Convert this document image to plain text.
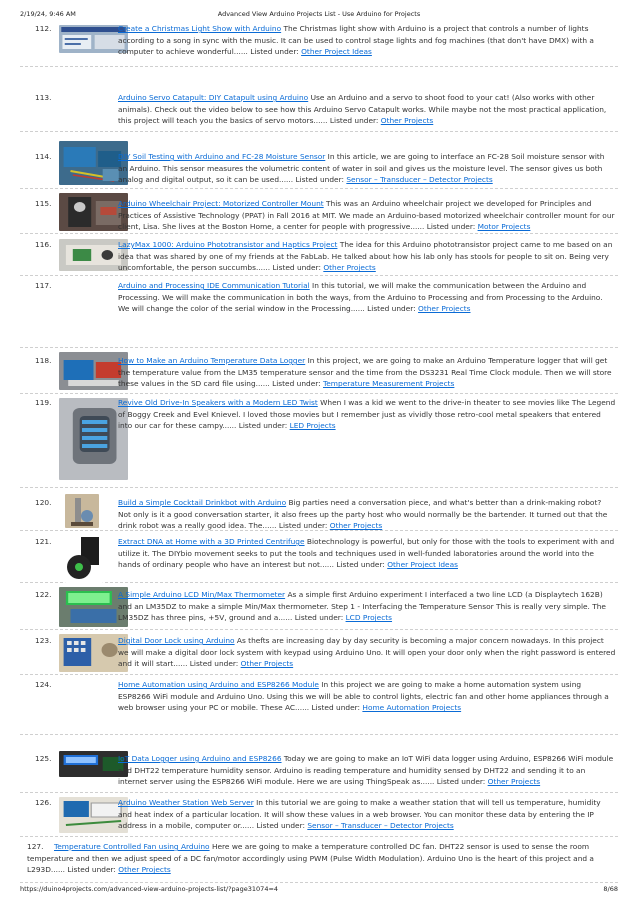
2/19/24, 9:46 AM	Advanced View Arduino Projects List - Use Arduino for Projects
112.	Create a Christmas Light Show with Arduino The Christmas light show with Arduino is a project that controls a number of lights according to a song in sync with the music. It can be used to control stage lights and fog machines (that don't have DMX) with a computer to achieve wonderful...... Listed under: Other Project Ideas
113.	Arduino Servo Catapult: DIY Catapult using Arduino Use an Arduino and a servo to shoot food to your cat! (Also works with other animals). Check out the video below to see how this Arduino Servo Catapult works. While maybe not the most practical application, this project will teach you the basics of servo motors...... Listed under: Other Projects
114.	DIY Soil Testing with Arduino and FC-28 Moisture Sensor In this article, we are going to interface an FC-28 Soil moisture sensor with an Arduino. This sensor measures the volumetric content of water in soil and gives us the moisture level. The sensor gives us both analog and digital output, so it can be used...... Listed under: Sensor – Transducer – Detector Projects
115.	Arduino Wheelchair Project: Motorized Controller Mount This was an Arduino wheelchair project we developed for Principles and Practices of Assistive Technology (PPAT) in Fall 2016 at MIT. We made an Arduino-based motorized wheelchair controller mount for our client, Lisa. She lives at the Boston Home, a center for people with progressive...... Listed under: Motor Projects
116.	LazyMax 1000: Arduino Phototransistor and Haptics Project The idea for this Arduino phototransistor project came to me based on an idea that was shared by one of my friends at the FabLab. He talked about how his lab only has stools for people to sit on. Being very uncomfortable, the person succumbs...... Listed under: Other Projects
117.	Arduino and Processing IDE Communication Tutorial In this tutorial, we will make the communication between the Arduino and Processing. We will make the communication in both the ways, from the Arduino to Processing and from Processing to the Arduino. We will change the color of the serial window in the Processing...... Listed under: Other Projects
118.	How to Make an Arduino Temperature Data Logger In this project, we are going to make an Arduino Temperature logger that will get the temperature value from the LM35 temperature sensor and the time from the DS3231 Real Time Clock module. Then we will store these values in the SD card file using...... Listed under: Temperature Measurement Projects
119.	Revive Old Drive-In Speakers with a Modern LED Twist When I was a kid we went to the drive-in theater to see movies like The Legend of Boggy Creek and Evel Knievel. I loved those movies but I remember just as vividly those retro-cool metal speakers that entered into our car for these campy...... Listed under: LED Projects
120.	Build a Simple Cocktail Drinkbot with Arduino Big parties need a conversation piece, and what's better than a drink-making robot? Not only is it a good conversation starter, it also frees up the party host who would normally be the bartender. It turned out that the drink robot was a really good idea. The...... Listed under: Other Projects
121.	Extract DNA at Home with a 3D Printed Centrifuge Biotechnology is powerful, but only for those with the tools to experiment with and utilize it. The DIYbio movement seeks to put the tools and techniques used in well-funded laboratories around the world into the hands of ordinary people who have an interest but not...... Listed under: Other Project Ideas
122.	A Simple Arduino LCD Min/Max Thermometer As a simple first Arduino experiment I interfaced a two line LCD (a Displaytech 162B) and an LM35DZ to make a simple Min/Max thermometer. Step 1 - Interfacing the Temperature Sensor This is really very simple. The LM35DZ has three pins, +5V, ground and a...... Listed under: LCD Projects
123.	Digital Door Lock using Arduino As thefts are increasing day by day security is becoming a major concern nowadays. In this project we will make a digital door lock system with keypad using Arduino Uno. It will open your door only when the right password is entered and it will start...... Listed under: Other Projects
124.	Home Automation using Arduino and ESP8266 Module In this project we are going to make a home automation system using ESP8266 WiFi module and Arduino Uno. Using this we will be able to control lights, electric fan and other home appliances through a web browser using your PC or mobile. These AC...... Listed under: Home Automation Projects
125.	IoT Data Logger using Arduino and ESP8266 Today we are going to make an IoT WiFi data logger using Arduino, ESP8266 WiFi module and DHT22 temperature humidity sensor. Arduino is reading temperature and humidity sensed by DHT22 and sending it to an internet server using the ESP8266 WiFi module. Here we are using ThingSpeak as...... Listed under: Other Projects
126.	Arduino Weather Station Web Server In this tutorial we are going to make a weather station that will tell us temperature, humidity and heat index of a particular location. It will show these values in a web browser. You can monitor these data by entering the IP address in a mobile, computer or...... Listed under: Sensor – Transducer – Detector Projects
127.	Temperature Controlled Fan using Arduino Here we are going to make a temperature controlled DC fan. DHT22 sensor is used to sense the room temperature and then we adjust speed of a DC fan/motor accordingly using PWM (Pulse Width Modulation). Arduino Uno is the heart of this project and a L293D...... Listed under: Other Projects
https://duino4projects.com/advanced-view-arduino-projects-list/?page31074=4	8/68
